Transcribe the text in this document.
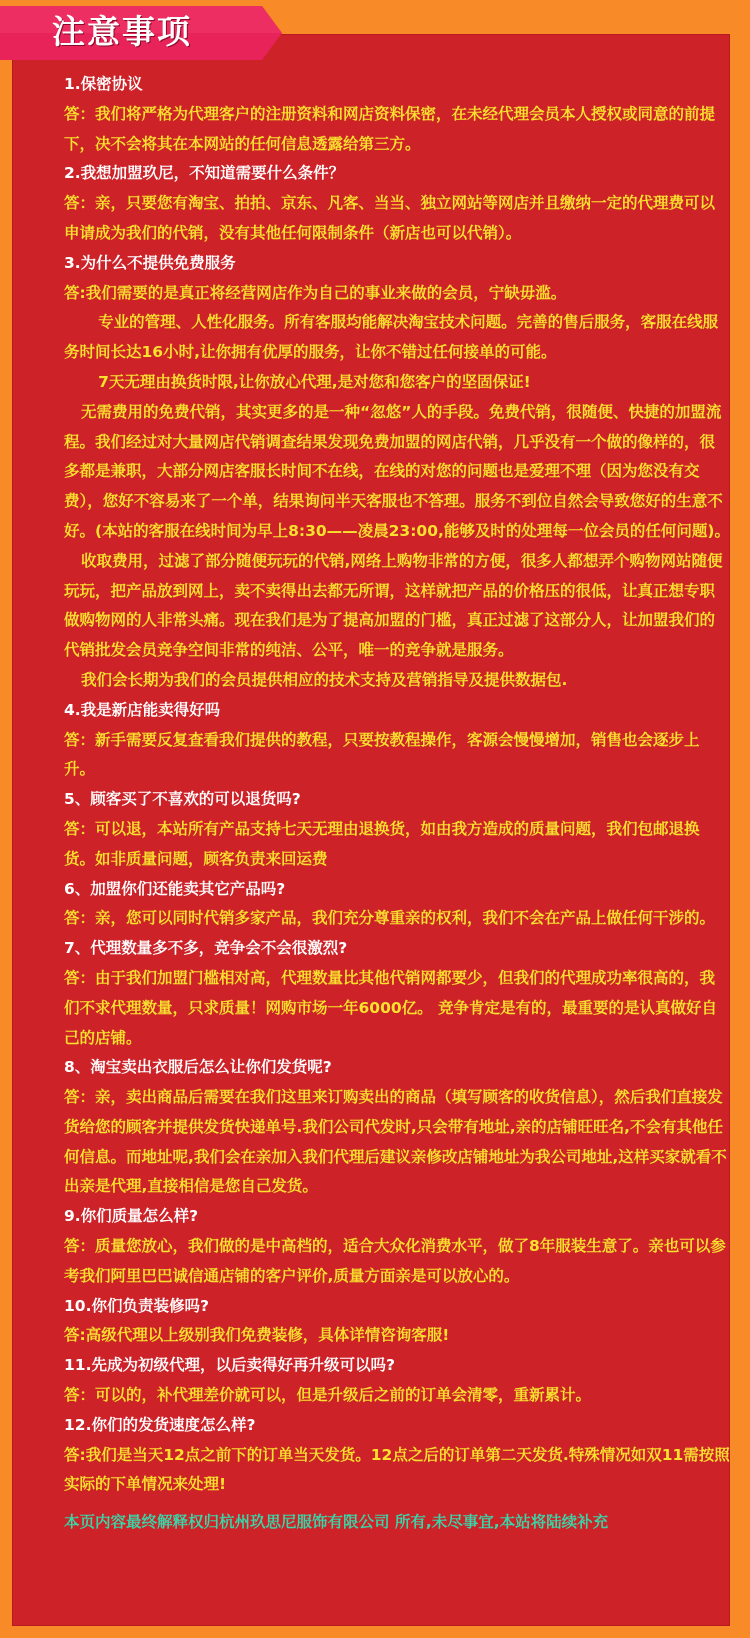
注意事项
1.保密协议
答：我们将严格为代理客户的注册资料和网店资料保密，在未经代理会员本人授权或同意的前提下，决不会将其在本网站的任何信息透露给第三方。
2.我想加盟玖尼，不知道需要什么条件？
答：亲，只要您有淘宝、拍拍、京东、凡客、当当、独立网站等网店并且缴纳一定的代理费可以申请成为我们的代销，没有其他任何限制条件（新店也可以代销）。
3.为什么不提供免费服务
答:我们需要的是真正将经营网店作为自己的事业来做的会员，宁缺毋滥。
专业的管理、人性化服务。所有客服均能解决淘宝技术问题。完善的售后服务，客服在线服务时间长达16小时,让你拥有优厚的服务，让你不错过任何接单的可能。
7天无理由换货时限,让你放心代理,是对您和您客户的坚固保证!
无需费用的免费代销，其实更多的是一种“忽悠”人的手段。免费代销，很随便、快捷的加盟流程。我们经过对大量网店代销调查结果发现免费加盟的网店代销，几乎没有一个做的像样的，很多都是兼职，大部分网店客服长时间不在线，在线的对您的问题也是爱理不理（因为您没有交费），您好不容易来了一个单，结果询问半天客服也不答理。服务不到位自然会导致您好的生意不好。(本站的客服在线时间为早上8:30——凌晨23:00,能够及时的处理每一位会员的任何问题)。
收取费用，过滤了部分随便玩玩的代销,网络上购物非常的方便，很多人都想弄个购物网站随便玩玩，把产品放到网上，卖不卖得出去都无所谓，这样就把产品的价格压的很低，让真正想专职做购物网的人非常头痛。现在我们是为了提高加盟的门槛，真正过滤了这部分人，让加盟我们的代销批发会员竞争空间非常的纯洁、公平，唯一的竞争就是服务。
我们会长期为我们的会员提供相应的技术支持及营销指导及提供数据包.
4.我是新店能卖得好吗
答：新手需要反复查看我们提供的教程，只要按教程操作，客源会慢慢增加，销售也会逐步上升。
5、顾客买了不喜欢的可以退货吗?
答：可以退，本站所有产品支持七天无理由退换货，如由我方造成的质量问题，我们包邮退换货。如非质量问题，顾客负责来回运费
6、加盟你们还能卖其它产品吗?
答：亲，您可以同时代销多家产品，我们充分尊重亲的权利，我们不会在产品上做任何干涉的。
7、代理数量多不多，竞争会不会很激烈?
答：由于我们加盟门槛相对高，代理数量比其他代销网都要少，但我们的代理成功率很高的，我们不求代理数量，只求质量！网购市场一年6000亿。 竞争肯定是有的，最重要的是认真做好自己的店铺。
8、淘宝卖出衣服后怎么让你们发货呢?
答：亲，卖出商品后需要在我们这里来订购卖出的商品（填写顾客的收货信息），然后我们直接发货给您的顾客并提供发货快递单号.我们公司代发时,只会带有地址,亲的店铺旺旺名,不会有其他任何信息。而地址呢,我们会在亲加入我们代理后建议亲修改店铺地址为我公司地址,这样买家就看不出亲是代理,直接相信是您自己发货。
9.你们质量怎么样?
答：质量您放心，我们做的是中高档的，适合大众化消费水平，做了8年服装生意了。亲也可以参考我们阿里巴巴诚信通店铺的客户评价,质量方面亲是可以放心的。
10.你们负责装修吗?
答:高级代理以上级别我们免费装修，具体详情咨询客服!
11.先成为初级代理，以后卖得好再升级可以吗?
答：可以的，补代理差价就可以，但是升级后之前的订单会清零，重新累计。
12.你们的发货速度怎么样?
答:我们是当天12点之前下的订单当天发货。12点之后的订单第二天发货.特殊情况如双11需按照实际的下单情况来处理!
本页内容最终解释权归杭州玖思尼服饰有限公司 所有,未尽事宜,本站将陆续补充
